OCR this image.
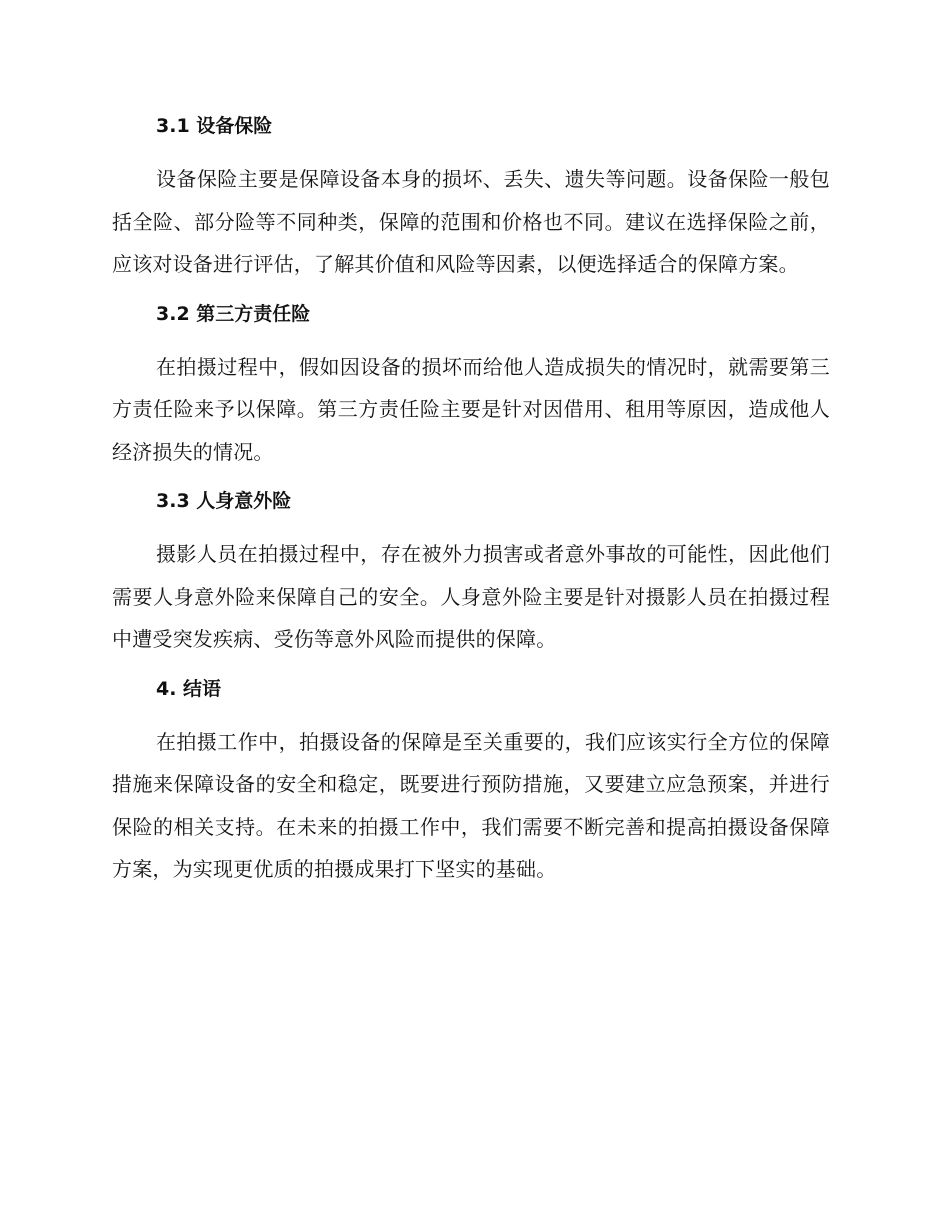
3.1 设备保险

设备保险主要是保障设备本身的损坏、丢失、遗失等问题。设备保险一般包括全险、部分险等不同种类，保障的范围和价格也不同。建议在选择保险之前，应该对设备进行评估，了解其价值和风险等因素，以便选择适合的保障方案。

3.2 第三方责任险

在拍摄过程中，假如因设备的损坏而给他人造成损失的情况时，就需要第三方责任险来予以保障。第三方责任险主要是针对因借用、租用等原因，造成他人经济损失的情况。

3.3 人身意外险

摄影人员在拍摄过程中，存在被外力损害或者意外事故的可能性，因此他们需要人身意外险来保障自己的安全。人身意外险主要是针对摄影人员在拍摄过程中遭受突发疾病、受伤等意外风险而提供的保障。

4. 结语

在拍摄工作中，拍摄设备的保障是至关重要的，我们应该实行全方位的保障措施来保障设备的安全和稳定，既要进行预防措施，又要建立应急预案，并进行保险的相关支持。在未来的拍摄工作中，我们需要不断完善和提高拍摄设备保障方案，为实现更优质的拍摄成果打下坚实的基础。
